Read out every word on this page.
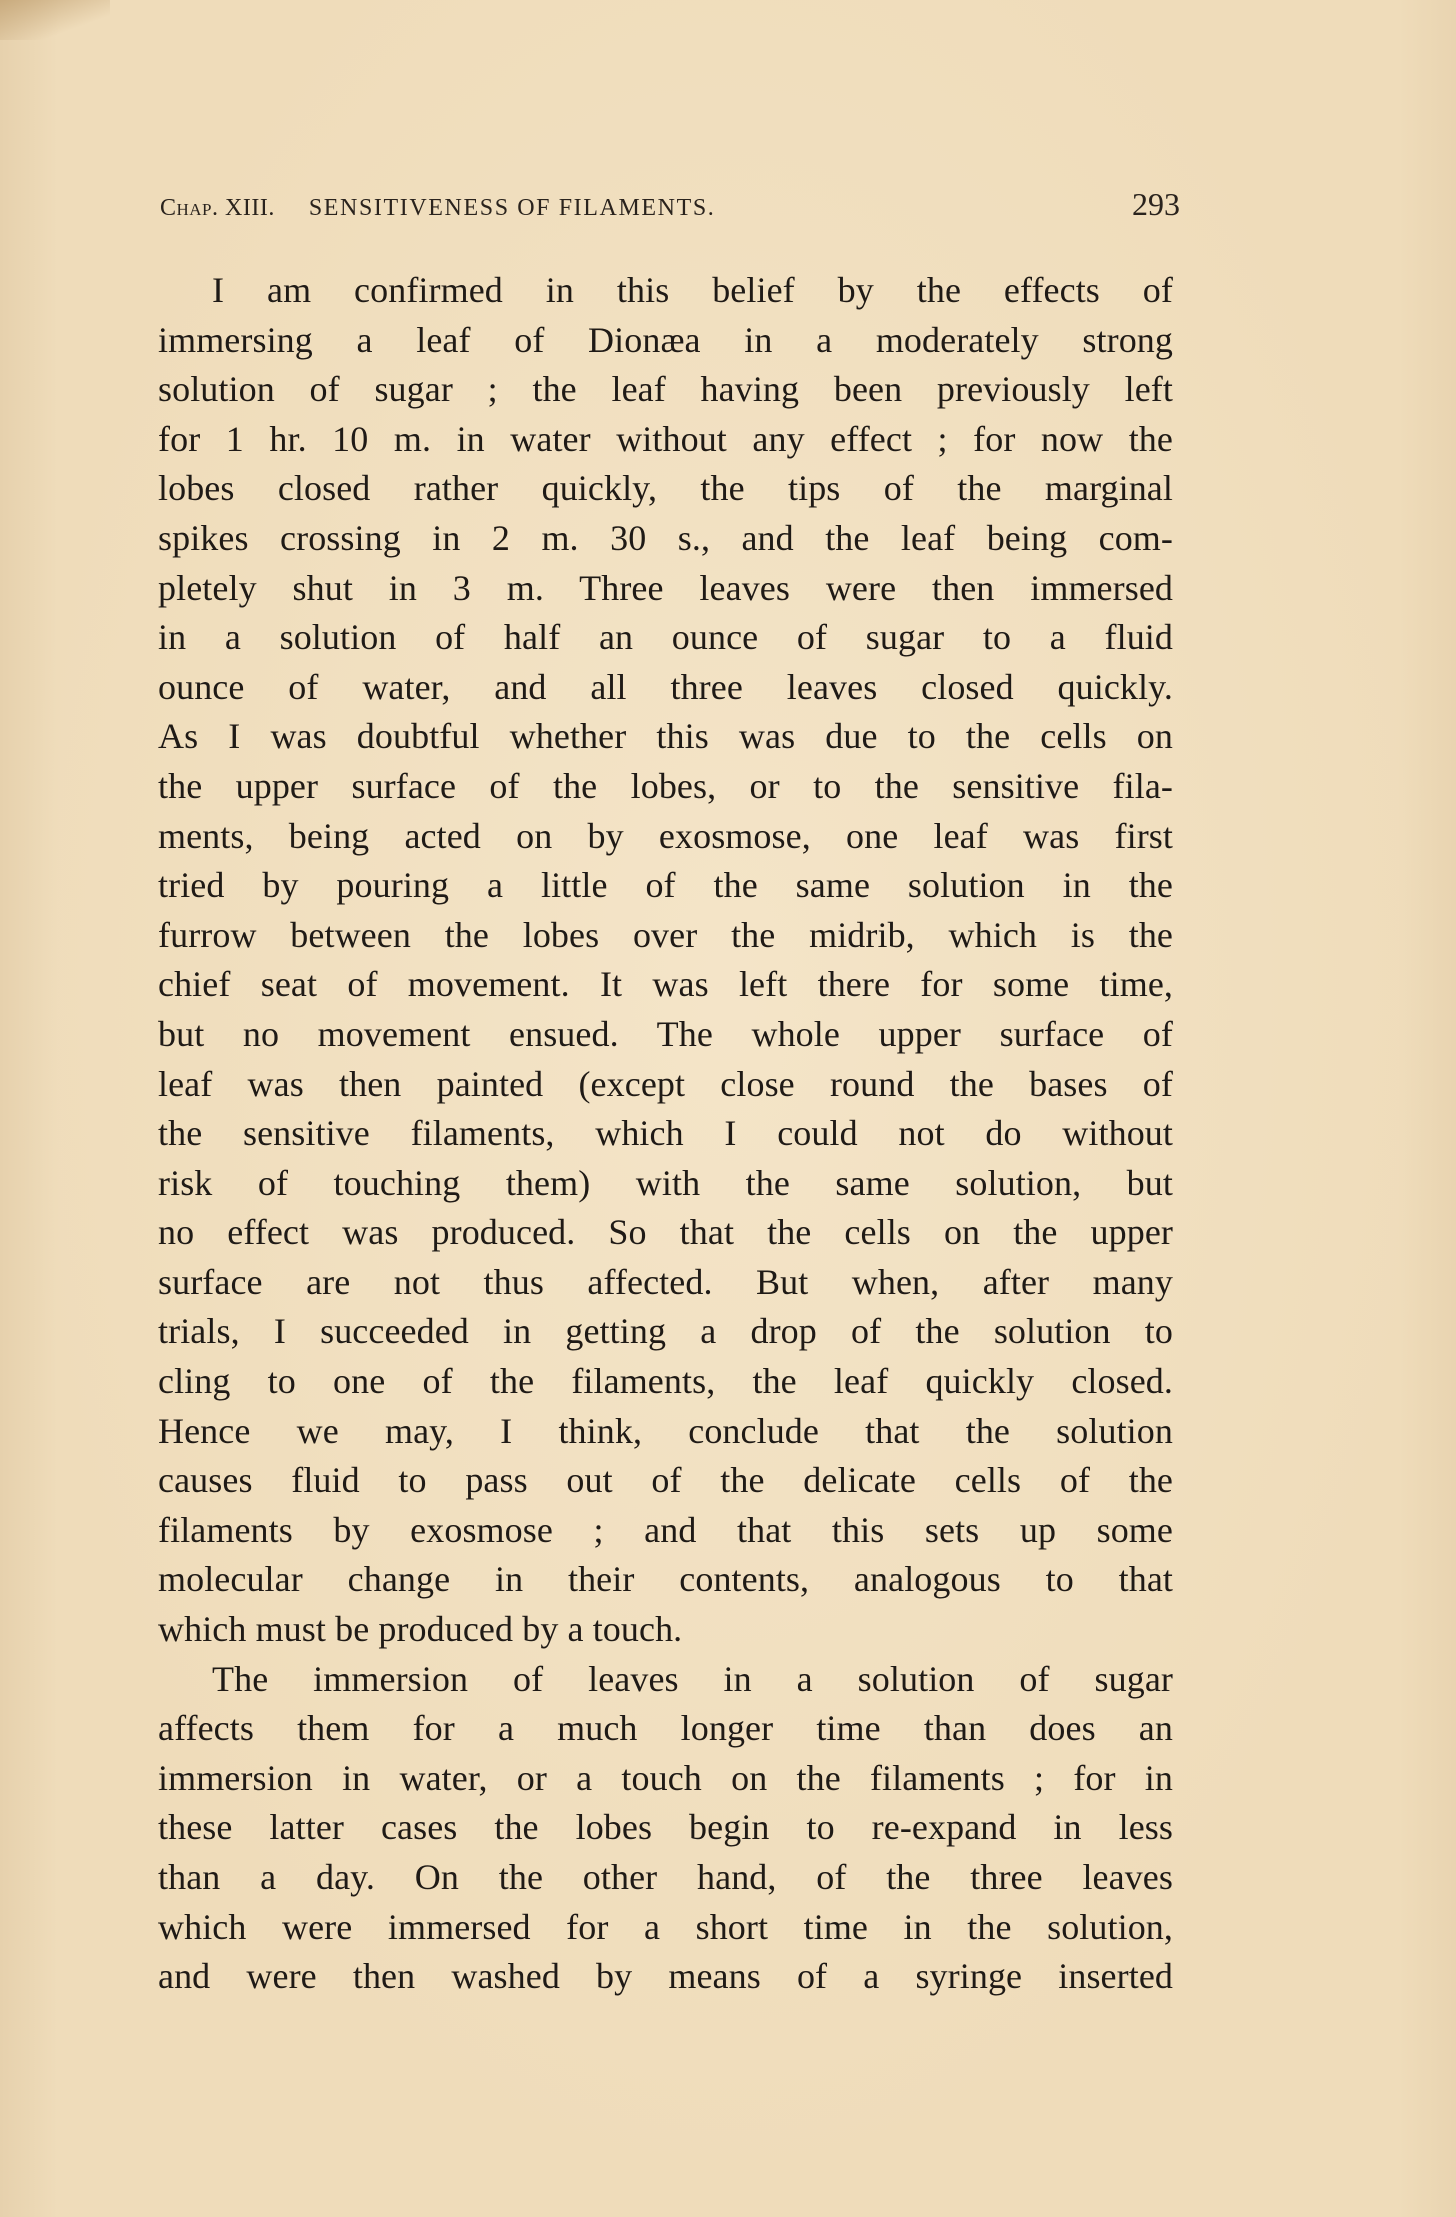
Chap. XIII. SENSITIVENESS OF FILAMENTS.	293
I am confirmed in this belief by the effects of
immersing a leaf of Dionæa in a moderately strong
solution of sugar ; the leaf having been previously left
for 1 hr. 10 m. in water without any effect ; for now the
lobes closed rather quickly, the tips of the marginal
spikes crossing in 2 m. 30 s., and the leaf being com-
pletely shut in 3 m. Three leaves were then immersed
in a solution of half an ounce of sugar to a fluid
ounce of water, and all three leaves closed quickly.
As I was doubtful whether this was due to the cells on
the upper surface of the lobes, or to the sensitive fila-
ments, being acted on by exosmose, one leaf was first
tried by pouring a little of the same solution in the
furrow between the lobes over the midrib, which is the
chief seat of movement. It was left there for some time,
but no movement ensued. The whole upper surface of
leaf was then painted (except close round the bases of
the sensitive filaments, which I could not do without
risk of touching them) with the same solution, but
no effect was produced. So that the cells on the upper
surface are not thus affected. But when, after many
trials, I succeeded in getting a drop of the solution to
cling to one of the filaments, the leaf quickly closed.
Hence we may, I think, conclude that the solution
causes fluid to pass out of the delicate cells of the
filaments by exosmose ; and that this sets up some
molecular change in their contents, analogous to that
which must be produced by a touch.
The immersion of leaves in a solution of sugar
affects them for a much longer time than does an
immersion in water, or a touch on the filaments ; for in
these latter cases the lobes begin to re-expand in less
than a day. On the other hand, of the three leaves
which were immersed for a short time in the solution,
and were then washed by means of a syringe inserted
